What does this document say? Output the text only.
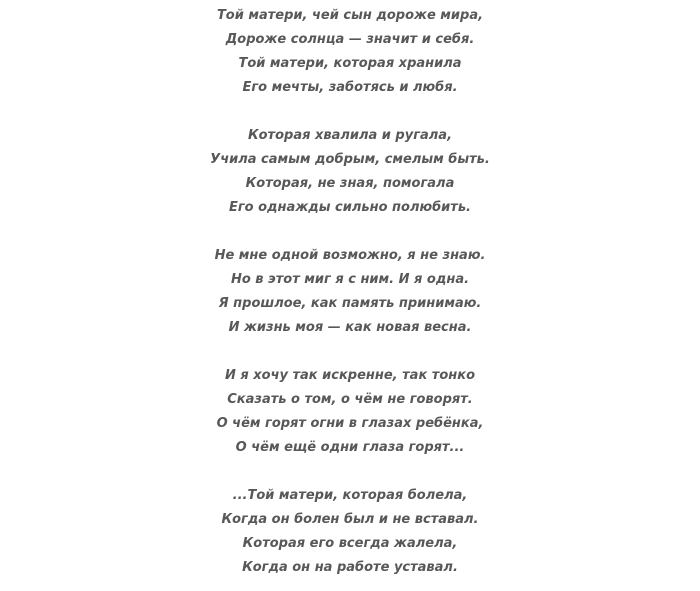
Той матери, чей сын дороже мира,
Дороже солнца — значит и себя.
Той матери, которая хранила
Его мечты, заботясь и любя.
Которая хвалила и ругала,
Учила самым добрым, смелым быть.
Которая, не зная, помогала
Его однажды сильно полюбить.
Не мне одной возможно, я не знаю.
Но в этот миг я с ним. И я одна.
Я прошлое, как память принимаю.
И жизнь моя — как новая весна.
И я хочу так искренне, так тонко
Сказать о том, о чём не говорят.
О чём горят огни в глазах ребёнка,
О чём ещё одни глаза горят...
...Той матери, которая болела,
Когда он болен был и не вставал.
Которая его всегда жалела,
Когда он на работе уставал.
